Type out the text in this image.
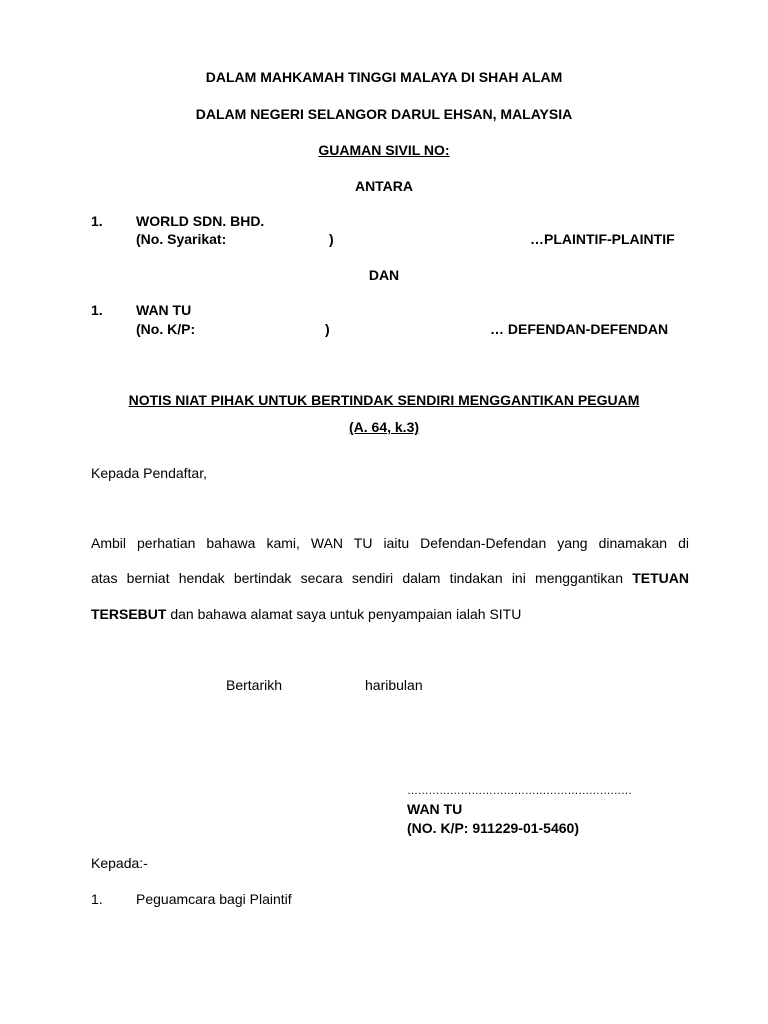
DALAM MAHKAMAH TINGGI MALAYA DI SHAH ALAM
DALAM NEGERI SELANGOR DARUL EHSAN, MALAYSIA
GUAMAN SIVIL NO:
ANTARA
1. WORLD SDN. BHD.
(No. Syarikat:	)	…PLAINTIF-PLAINTIF
DAN
1. WAN TU
(No. K/P:	)	… DEFENDAN-DEFENDAN
NOTIS NIAT PIHAK UNTUK BERTINDAK SENDIRI MENGGANTIKAN PEGUAM
(A. 64, k.3)
Kepada Pendaftar,
Ambil perhatian bahawa kami, WAN TU iaitu Defendan-Defendan yang dinamakan di
atas berniat hendak bertindak secara sendiri dalam tindakan ini menggantikan TETUAN
TERSEBUT dan bahawa alamat saya untuk penyampaian ialah SITU
Bertarikh	haribulan
………………………………………………………
WAN TU
(NO. K/P: 911229-01-5460)
Kepada:-
1. Peguamcara bagi Plaintif
